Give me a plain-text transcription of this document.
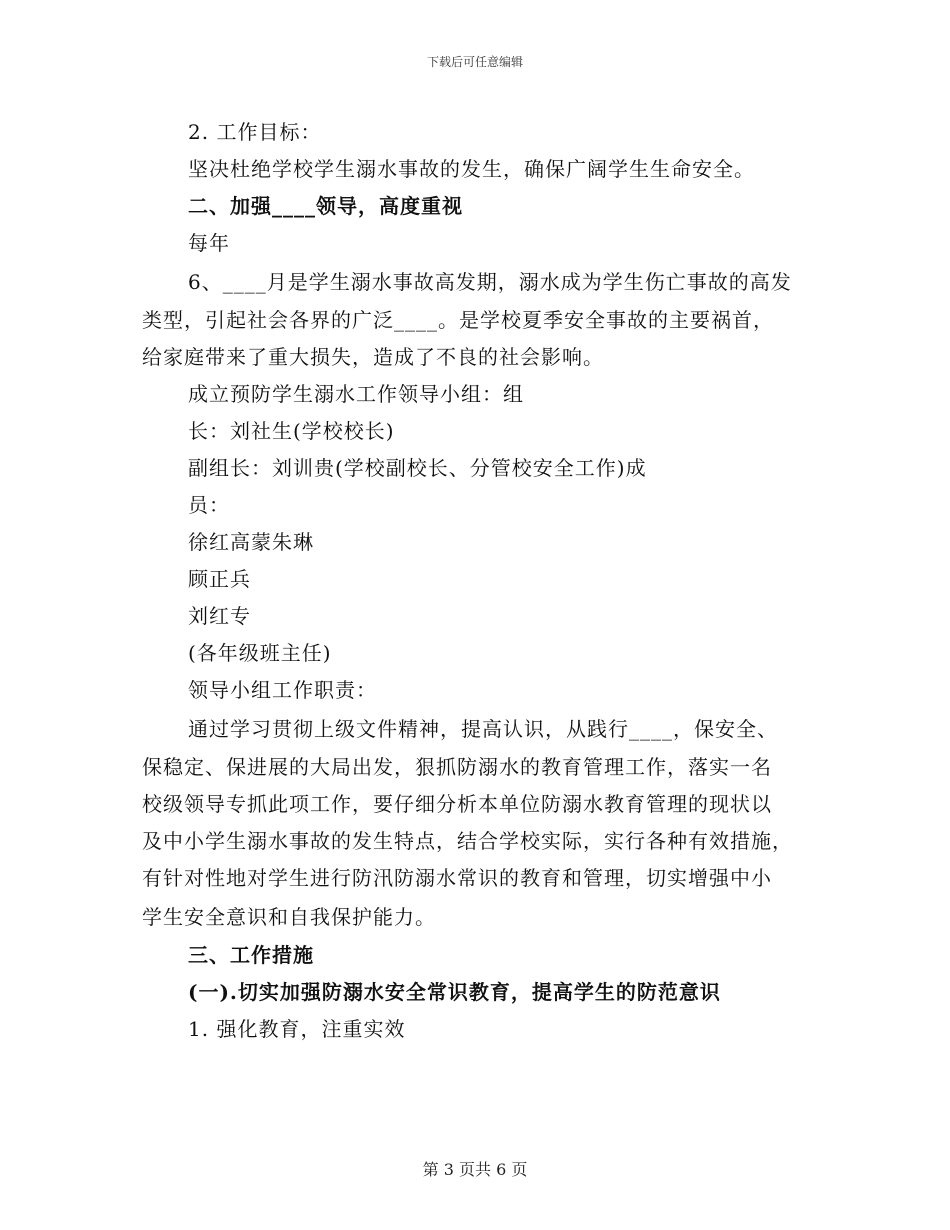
下载后可任意编辑
2. 工作目标：
坚决杜绝学校学生溺水事故的发生，确保广阔学生生命安全。
二、加强____领导，高度重视
每年
6、____月是学生溺水事故高发期，溺水成为学生伤亡事故的高发
类型，引起社会各界的广泛____。是学校夏季安全事故的主要祸首，
给家庭带来了重大损失，造成了不良的社会影响。
成立预防学生溺水工作领导小组：组
长：刘社生(学校校长)
副组长：刘训贵(学校副校长、分管校安全工作)成
员：
徐红高蒙朱琳
顾正兵
刘红专
(各年级班主任)
领导小组工作职责：
通过学习贯彻上级文件精神，提高认识，从践行____，保安全、
保稳定、保进展的大局出发，狠抓防溺水的教育管理工作，落实一名
校级领导专抓此项工作，要仔细分析本单位防溺水教育管理的现状以
及中小学生溺水事故的发生特点，结合学校实际，实行各种有效措施，
有针对性地对学生进行防汛防溺水常识的教育和管理，切实增强中小
学生安全意识和自我保护能力。
三、工作措施
(一).切实加强防溺水安全常识教育，提高学生的防范意识
1. 强化教育，注重实效
第 3 页共 6 页
